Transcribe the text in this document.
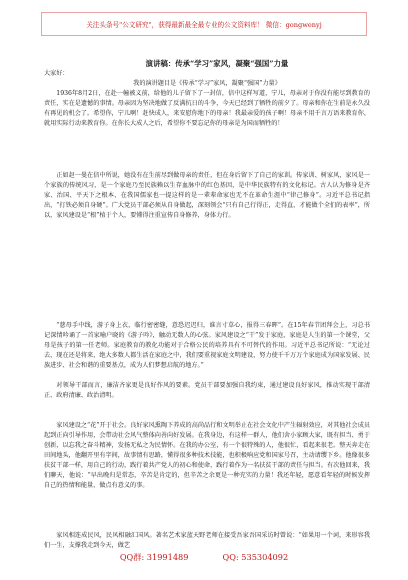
关注头条号"公文研究"，获得最新最全最专业的公文资料库！ 微信：gongwenyj
演讲稿：传承“学习”家风，凝聚“强国”力量
大家好：
我的演讲题目是《传承“学习”家风，凝聚“强国”力量》

1936年8月2日，在赴一幢被义前，给他的儿子留下了一封信，信中这样写道，宁儿，母亲对于你没有能尽到教育的责任，实在是遗憾的事情。母亲因为坚决地做了反满抗日的斗争，今天已经到了牺牲的前夕了。母亲和你在生前是永久没有再见的机会了。希望你，宁儿啊！赶快成人，来安慰你地下的母亲！我最亲爱的孩子啊！母亲不用千言万语来教育你，就用实际行动来教育你。在你长大成人之后，希望你不要忘记你的母亲是为国而牺牲的！

正如赵一曼在信中所说，她没有在生前尽到做母亲的责任，但在身后留下了自己的家训。传家训、树家风，家风是一个家族的传统风习，是一个家庭乃至民族赖以生存血脉中的红色基因，是中华民族特有的文化标记。古人认为修身是齐家、治国、平天下之根本，在我国儒家也一提这样的是一辈辈命家也无不在革命生涯中“律己修身”。习近平总书记指出，“打铁必须自身硬”。广大党员干部必须从自身做起，深刻领会“只有自己行得正，走得直，才能做个全们的表率”，所以，家风建设是“根”植于个人，要懂得注重宣传自身修养，身体力行。

“慈母手中线，游子身上衣，临行密密缝，意恐迟迟归，谁言寸草心，报得三春晖”。在15年春节团拜会上，习总书记深情吟诵了一首家喻户晓的《游子吟》，触动无数人的心弦。家风建设之“干”发于家庭，家庭是人生的第一个课堂，父母是孩子的第一任老师。家庭教育的教化功能对于合格公民的培养具有不可替代的作用。习近平总书记所说：“无论过去、现在还是将来，绝大多数人都生活在家庭之中，我们要重视家庭文明建设，努力使千千万万个家庭成为国家发展、民族进步、社会和谐的重要基点，成为人们梦想启航的地方。”

对领导干部而言，廉洁齐家更是良好作风的要素。党员干部要加强自我约束，通过建设良好家风，推动实现干部清正、政府清廉、政治清明。

家风建设之“花”开于社会。良好家风熏陶下养成的高尚品行和文明举止在社会文化中产生辐射效应，对其他社会成员起到正向引导作用，会带动社会风气整体向善向好发展。在我身边，有这样一群人，他们舍小家顾大家，既有担当、勇于创新，以忘我之奋斗精神，发扬无私之为民情怀。在我的办公室，有一个很特殊的人，他很忙，看起来很老。整天奔走在田间地头，他翻开里有字间，故事情有思路，懂得很多种技术技能，也积极响应党和国家号召，主动请缨下乡。他像很多扶贫干部一样，用自己的行动，践行着共产党人的初心和使命，践行着作为一名扶贫干部的责任与担当。有次他回来，我们聊天，他说：“早出晚归是常态，辛苦是肯定的，但辛苦之余更是一种充实的力量！我还年轻，愿意看年轻的时候发挥自己的热情和能量，做点有意义的事。

家风相连成民风，民风相融汇国风。著名艺术家蓝天野老师在接受吾家吾国采访时曾说：“如果用一个词，来形容我们一生，支撑我走到今天，做艺

QQ群: 31991489	QQ: 535304092
